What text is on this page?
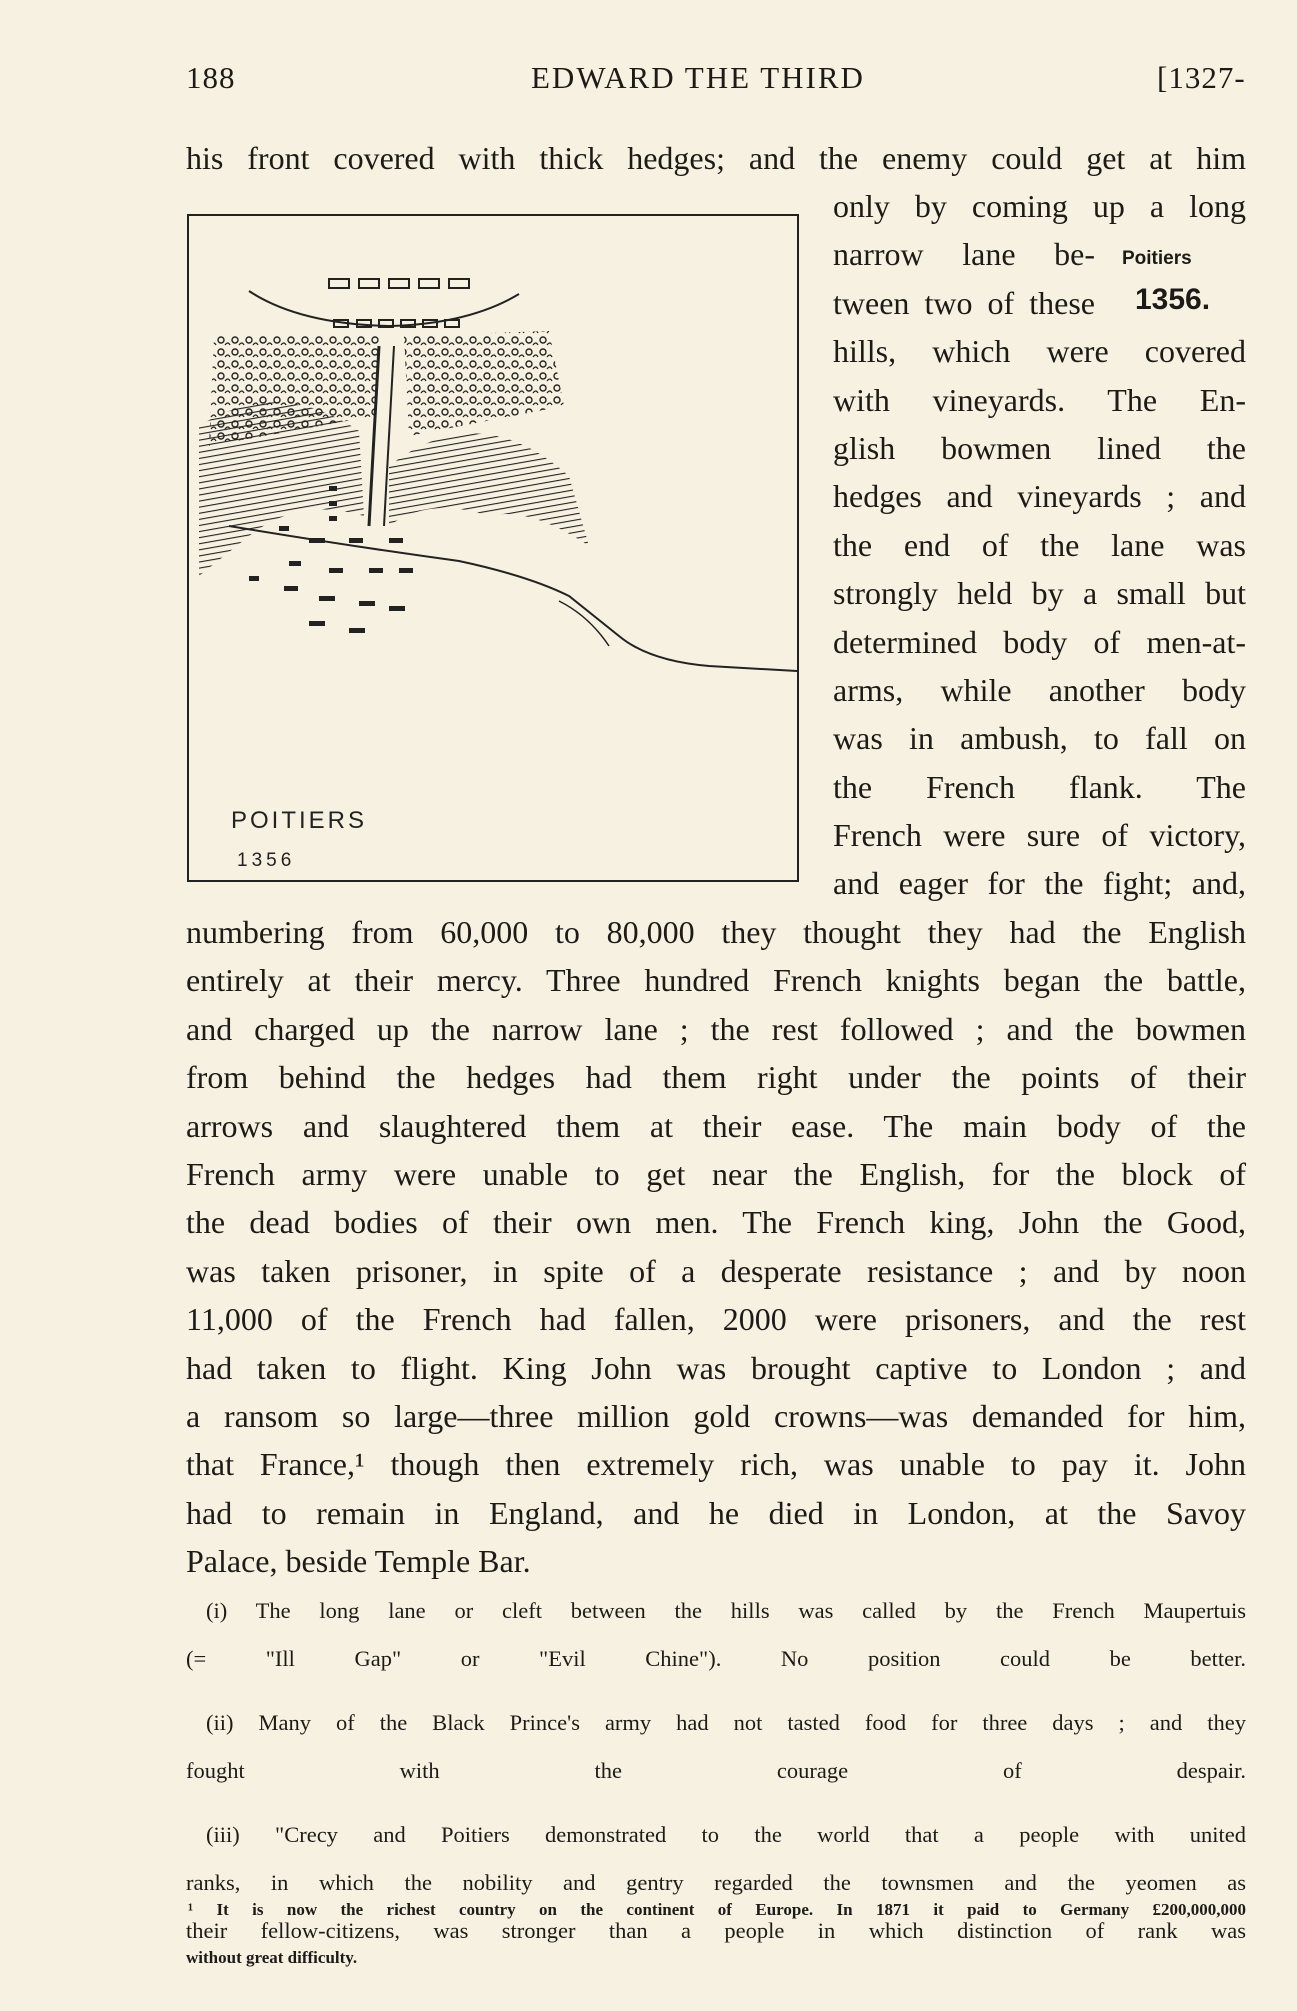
188	EDWARD THE THIRD	[1327-
his front covered with thick hedges; and the enemy could get at him
only by coming up a long
narrow lane be-
tween two of these
hills, which were covered
with vineyards. The En-
glish bowmen lined the
hedges and vineyards ; and
the end of the lane was
strongly held by a small but
determined body of men-at-
arms, while another body
was in ambush, to fall on
the French flank. The
French were sure of victory,
and eager for the fight; and,
Poitiers
1356.
POITIERS
1356
numbering from 60,000 to 80,000 they thought they had the English
entirely at their mercy. Three hundred French knights began the battle,
and charged up the narrow lane ; the rest followed ; and the bowmen
from behind the hedges had them right under the points of their
arrows and slaughtered them at their ease. The main body of the
French army were unable to get near the English, for the block of
the dead bodies of their own men. The French king, John the Good,
was taken prisoner, in spite of a desperate resistance ; and by noon
11,000 of the French had fallen, 2000 were prisoners, and the rest
had taken to flight. King John was brought captive to London ; and
a ransom so large—three million gold crowns—was demanded for him,
that France,¹ though then extremely rich, was unable to pay it. John
had to remain in England, and he died in London, at the Savoy
Palace, beside Temple Bar.
(i) The long lane or cleft between the hills was called by the French Maupertuis
(= "Ill Gap" or "Evil Chine"). No position could be better.
(ii) Many of the Black Prince's army had not tasted food for three days ; and they
fought with the courage of despair.
(iii) "Crecy and Poitiers demonstrated to the world that a people with united
ranks, in which the nobility and gentry regarded the townsmen and the yeomen as
their fellow-citizens, was stronger than a people in which distinction of rank was
¹ It is now the richest country on the continent of Europe. In 1871 it paid to Germany £200,000,000
without great difficulty.
